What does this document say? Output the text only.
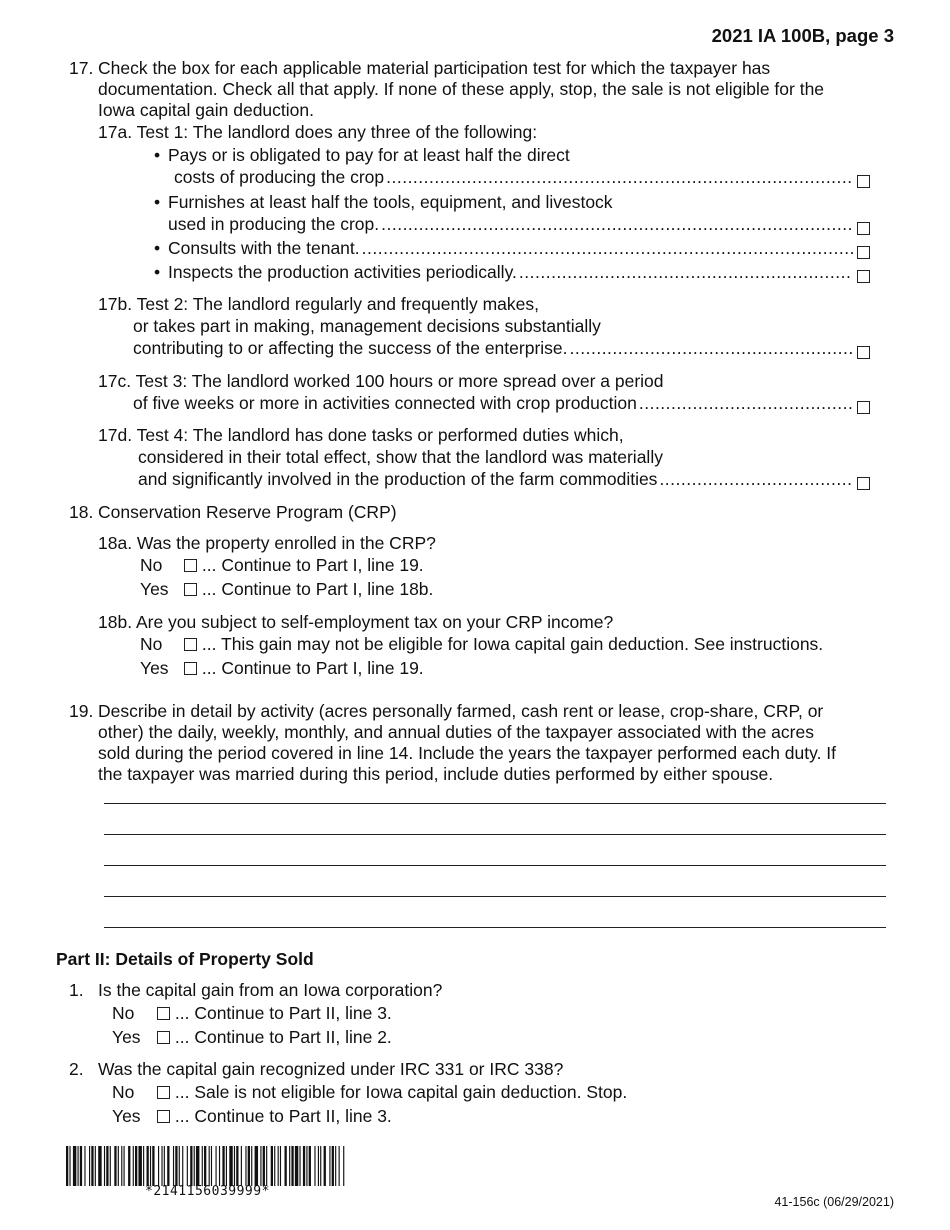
2021 IA 100B, page 3
17. Check the box for each applicable material participation test for which the taxpayer has
documentation. Check all that apply. If none of these apply, stop, the sale is not eligible for the
Iowa capital gain deduction.
17a. Test 1: The landlord does any three of the following:
• Pays or is obligated to pay for at least half the direct
costs of producing the crop
.....
• Furnishes at least half the tools, equipment, and livestock
used in producing the crop.
.....
• Consults with the tenant.
.....
• Inspects the production activities periodically.
.....
17b. Test 2: The landlord regularly and frequently makes,
or takes part in making, management decisions substantially
contributing to or affecting the success of the enterprise.
.....
17c. Test 3: The landlord worked 100 hours or more spread over a period
of five weeks or more in activities connected with crop production
.....
17d. Test 4: The landlord has done tasks or performed duties which,
considered in their total effect, show that the landlord was materially
and significantly involved in the production of the farm commodities
.....
18. Conservation Reserve Program (CRP)
18a. Was the property enrolled in the CRP?
No	... Continue to Part I, line 19.
Yes	... Continue to Part I, line 18b.
18b. Are you subject to self-employment tax on your CRP income?
No	... This gain may not be eligible for Iowa capital gain deduction. See instructions.
Yes	... Continue to Part I, line 19.
19. Describe in detail by activity (acres personally farmed, cash rent or lease, crop-share, CRP, or
other) the daily, weekly, monthly, and annual duties of the taxpayer associated with the acres
sold during the period covered in line 14. Include the years the taxpayer performed each duty. If
the taxpayer was married during this period, include duties performed by either spouse.
Part II: Details of Property Sold
1. Is the capital gain from an Iowa corporation?
No	... Continue to Part II, line 3.
Yes	... Continue to Part II, line 2.
2. Was the capital gain recognized under IRC 331 or IRC 338?
No	... Sale is not eligible for Iowa capital gain deduction. Stop.
Yes	... Continue to Part II, line 3.
*2141156039999*
41-156c (06/29/2021)
